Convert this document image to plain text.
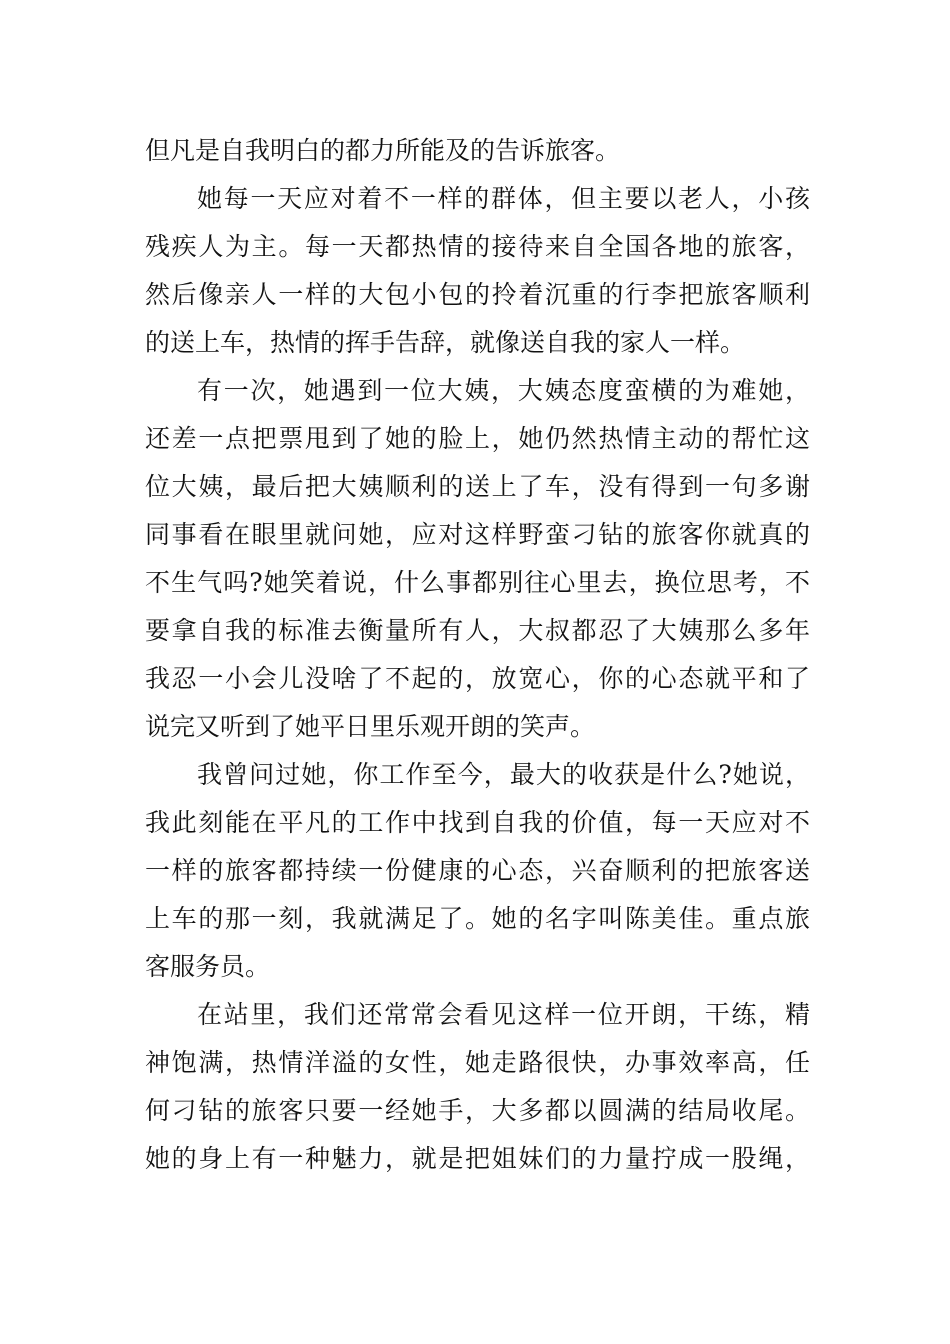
但凡是自我明白的都力所能及的告诉旅客。
她每一天应对着不一样的群体，但主要以老人，小孩
残疾人为主。每一天都热情的接待来自全国各地的旅客，
然后像亲人一样的大包小包的拎着沉重的行李把旅客顺利
的送上车，热情的挥手告辞，就像送自我的家人一样。
有一次，她遇到一位大姨，大姨态度蛮横的为难她，
还差一点把票甩到了她的脸上，她仍然热情主动的帮忙这
位大姨，最后把大姨顺利的送上了车，没有得到一句多谢
同事看在眼里就问她，应对这样野蛮刁钻的旅客你就真的
不生气吗?她笑着说，什么事都别往心里去，换位思考，不
要拿自我的标准去衡量所有人，大叔都忍了大姨那么多年
我忍一小会儿没啥了不起的，放宽心，你的心态就平和了
说完又听到了她平日里乐观开朗的笑声。
我曾问过她，你工作至今，最大的收获是什么?她说，
我此刻能在平凡的工作中找到自我的价值，每一天应对不
一样的旅客都持续一份健康的心态，兴奋顺利的把旅客送
上车的那一刻，我就满足了。她的名字叫陈美佳。重点旅
客服务员。
在站里，我们还常常会看见这样一位开朗，干练，精
神饱满，热情洋溢的女性，她走路很快，办事效率高，任
何刁钻的旅客只要一经她手，大多都以圆满的结局收尾。
她的身上有一种魅力，就是把姐妹们的力量拧成一股绳，
